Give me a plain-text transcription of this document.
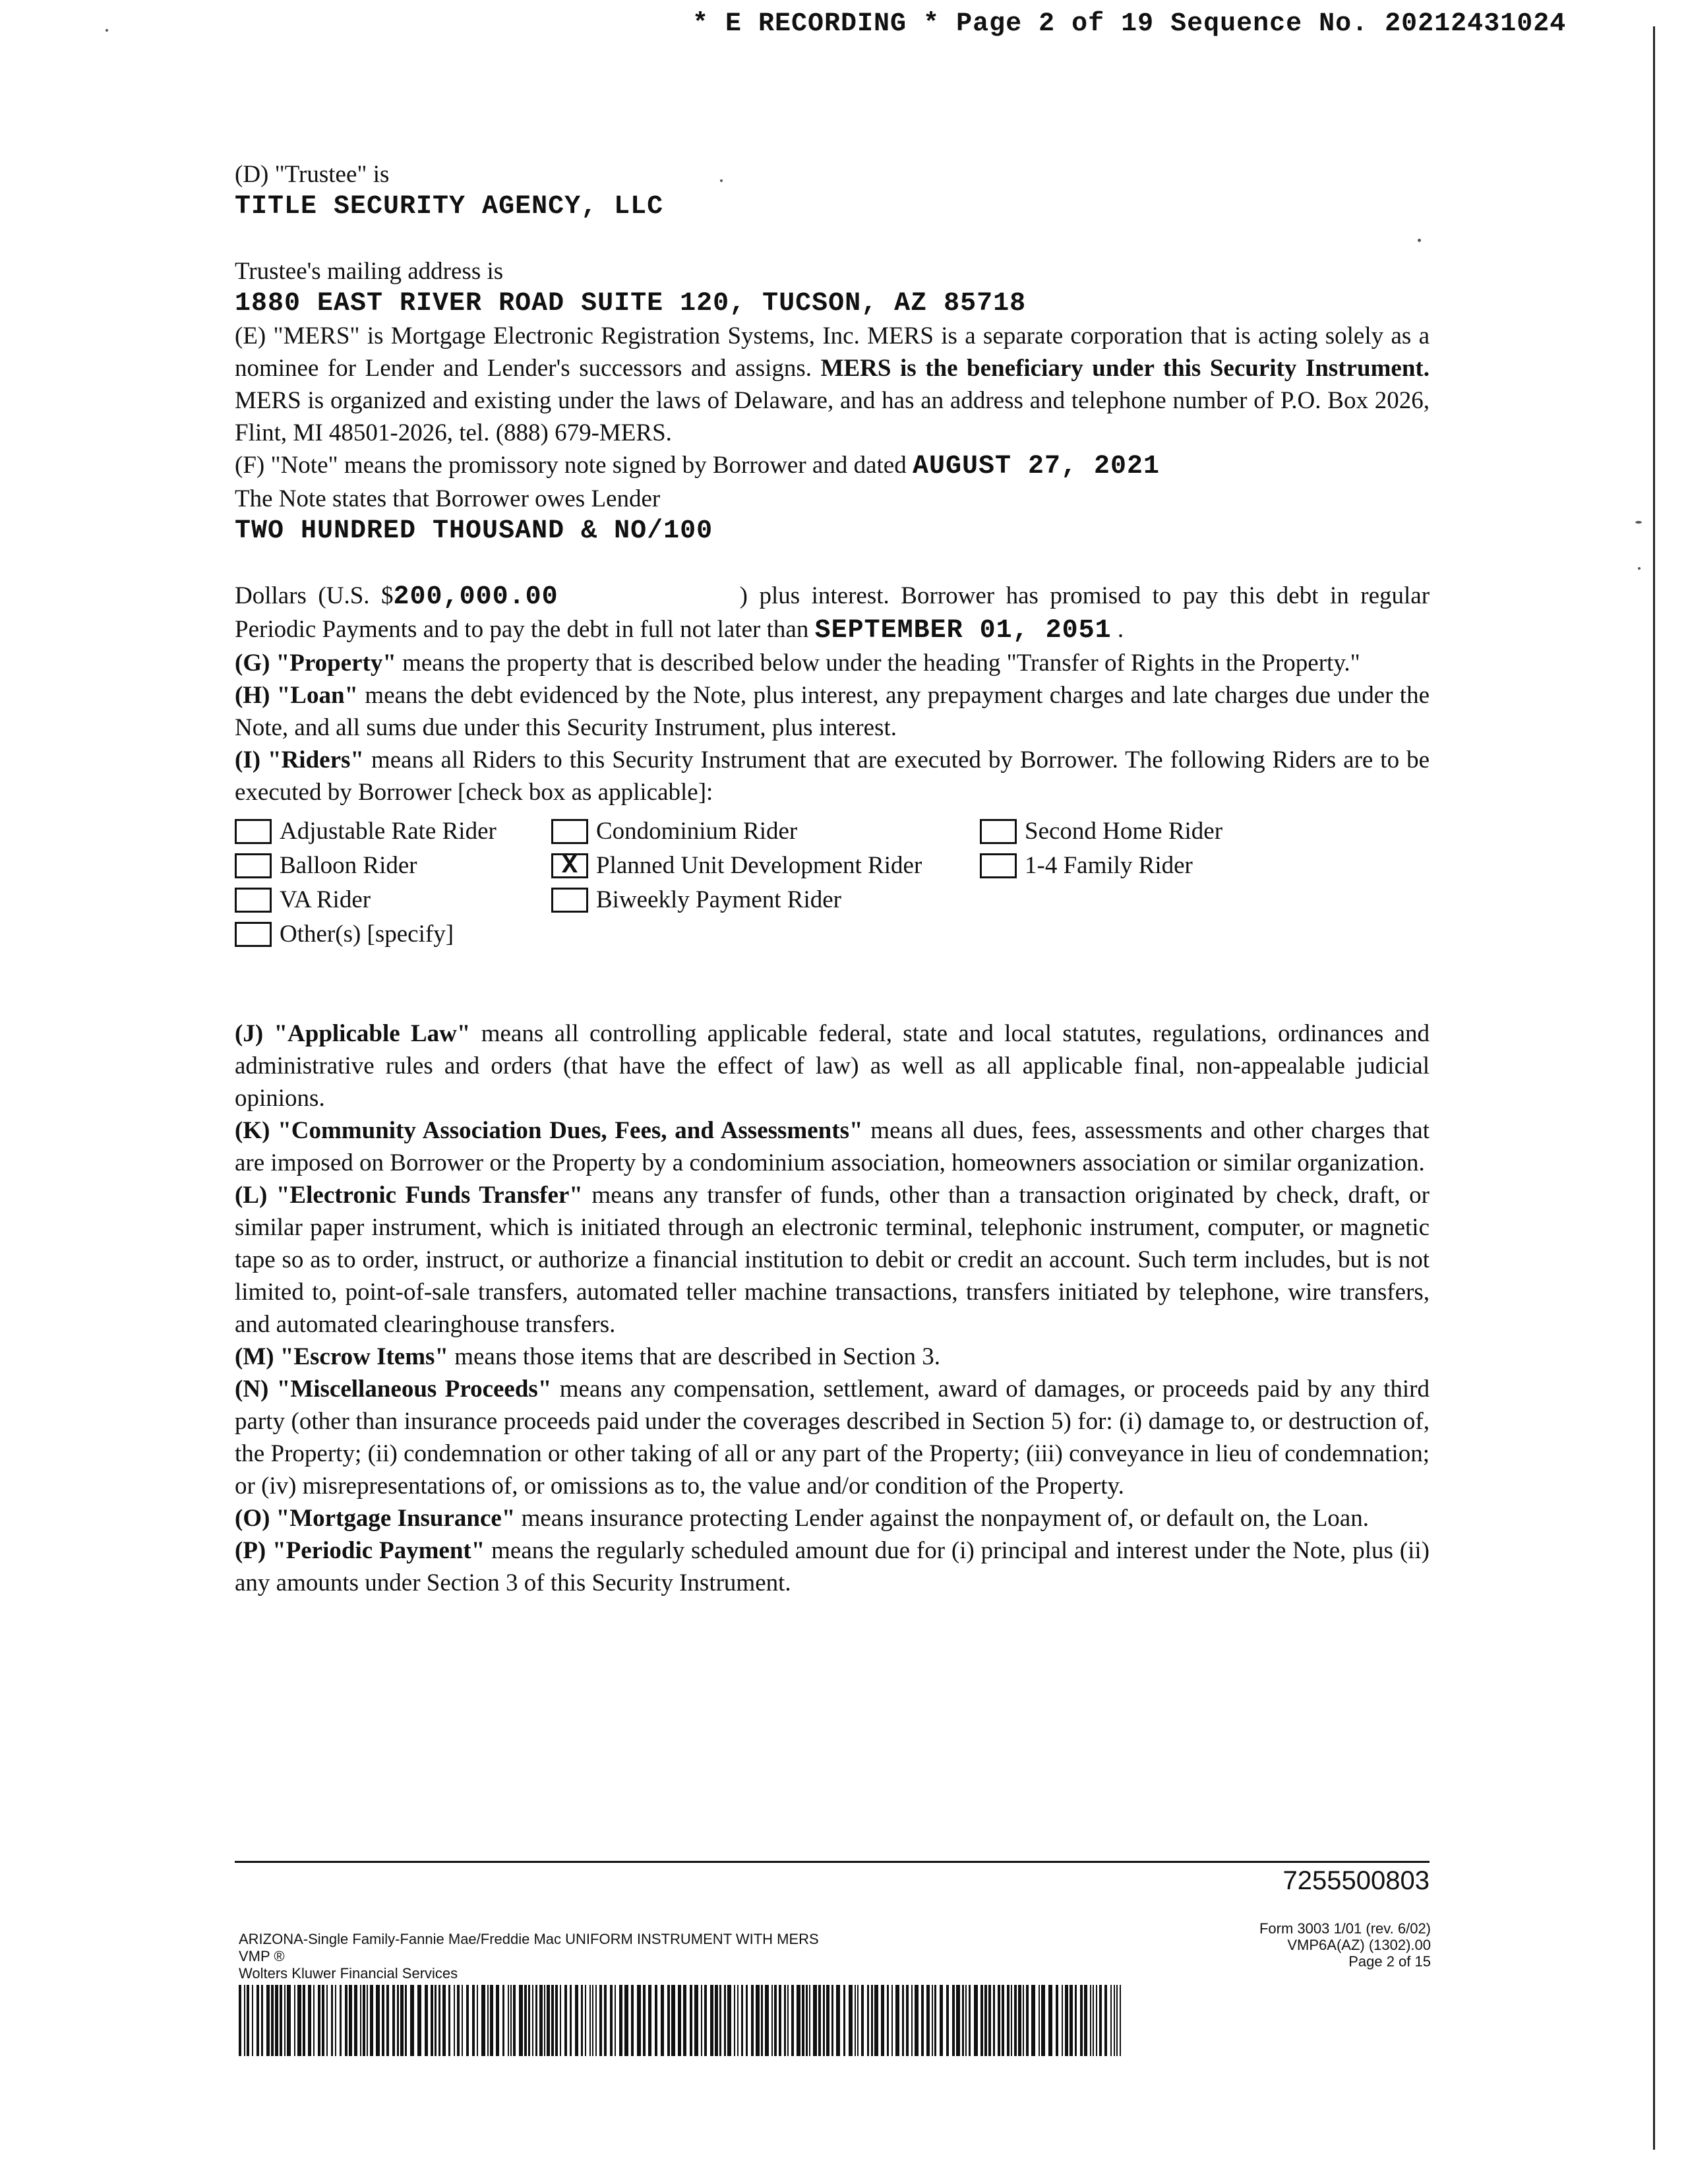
* E RECORDING * Page 2 of 19 Sequence No. 20212431024

(D) "Trustee" is

TITLE SECURITY AGENCY, LLC

Trustee's mailing address is

1880 EAST RIVER ROAD SUITE 120, TUCSON, AZ 85718

(E) "MERS" is Mortgage Electronic Registration Systems, Inc. MERS is a separate corporation that is acting solely as a nominee for Lender and Lender's successors and assigns. MERS is the beneficiary under this Security Instrument. MERS is organized and existing under the laws of Delaware, and has an address and telephone number of P.O. Box 2026, Flint, MI 48501-2026, tel. (888) 679-MERS.

(F) "Note" means the promissory note signed by Borrower and dated AUGUST 27, 2021

The Note states that Borrower owes Lender

TWO HUNDRED THOUSAND & NO/100

Dollars (U.S. $200,000.00	) plus interest. Borrower has promised to pay this debt in regular Periodic Payments and to pay the debt in full not later than SEPTEMBER 01, 2051 .

(G) "Property" means the property that is described below under the heading "Transfer of Rights in the Property."

(H) "Loan" means the debt evidenced by the Note, plus interest, any prepayment charges and late charges due under the Note, and all sums due under this Security Instrument, plus interest.

(I) "Riders" means all Riders to this Security Instrument that are executed by Borrower. The following Riders are to be executed by Borrower [check box as applicable]:

Adjustable Rate Rider	Condominium Rider	Second Home Rider
Balloon Rider	X Planned Unit Development Rider	1-4 Family Rider
VA Rider	Biweekly Payment Rider
Other(s) [specify]

(J) "Applicable Law" means all controlling applicable federal, state and local statutes, regulations, ordinances and administrative rules and orders (that have the effect of law) as well as all applicable final, non-appealable judicial opinions.

(K) "Community Association Dues, Fees, and Assessments" means all dues, fees, assessments and other charges that are imposed on Borrower or the Property by a condominium association, homeowners association or similar organization.

(L) "Electronic Funds Transfer" means any transfer of funds, other than a transaction originated by check, draft, or similar paper instrument, which is initiated through an electronic terminal, telephonic instrument, computer, or magnetic tape so as to order, instruct, or authorize a financial institution to debit or credit an account. Such term includes, but is not limited to, point-of-sale transfers, automated teller machine transactions, transfers initiated by telephone, wire transfers, and automated clearinghouse transfers.

(M) "Escrow Items" means those items that are described in Section 3.

(N) "Miscellaneous Proceeds" means any compensation, settlement, award of damages, or proceeds paid by any third party (other than insurance proceeds paid under the coverages described in Section 5) for: (i) damage to, or destruction of, the Property; (ii) condemnation or other taking of all or any part of the Property; (iii) conveyance in lieu of condemnation; or (iv) misrepresentations of, or omissions as to, the value and/or condition of the Property.

(O) "Mortgage Insurance" means insurance protecting Lender against the nonpayment of, or default on, the Loan.

(P) "Periodic Payment" means the regularly scheduled amount due for (i) principal and interest under the Note, plus (ii) any amounts under Section 3 of this Security Instrument.

7255500803
ARIZONA-Single Family-Fannie Mae/Freddie Mac UNIFORM INSTRUMENT WITH MERS
VMP ®
Wolters Kluwer Financial Services
Form 3003 1/01 (rev. 6/02)
VMP6A(AZ) (1302).00
Page 2 of 15
